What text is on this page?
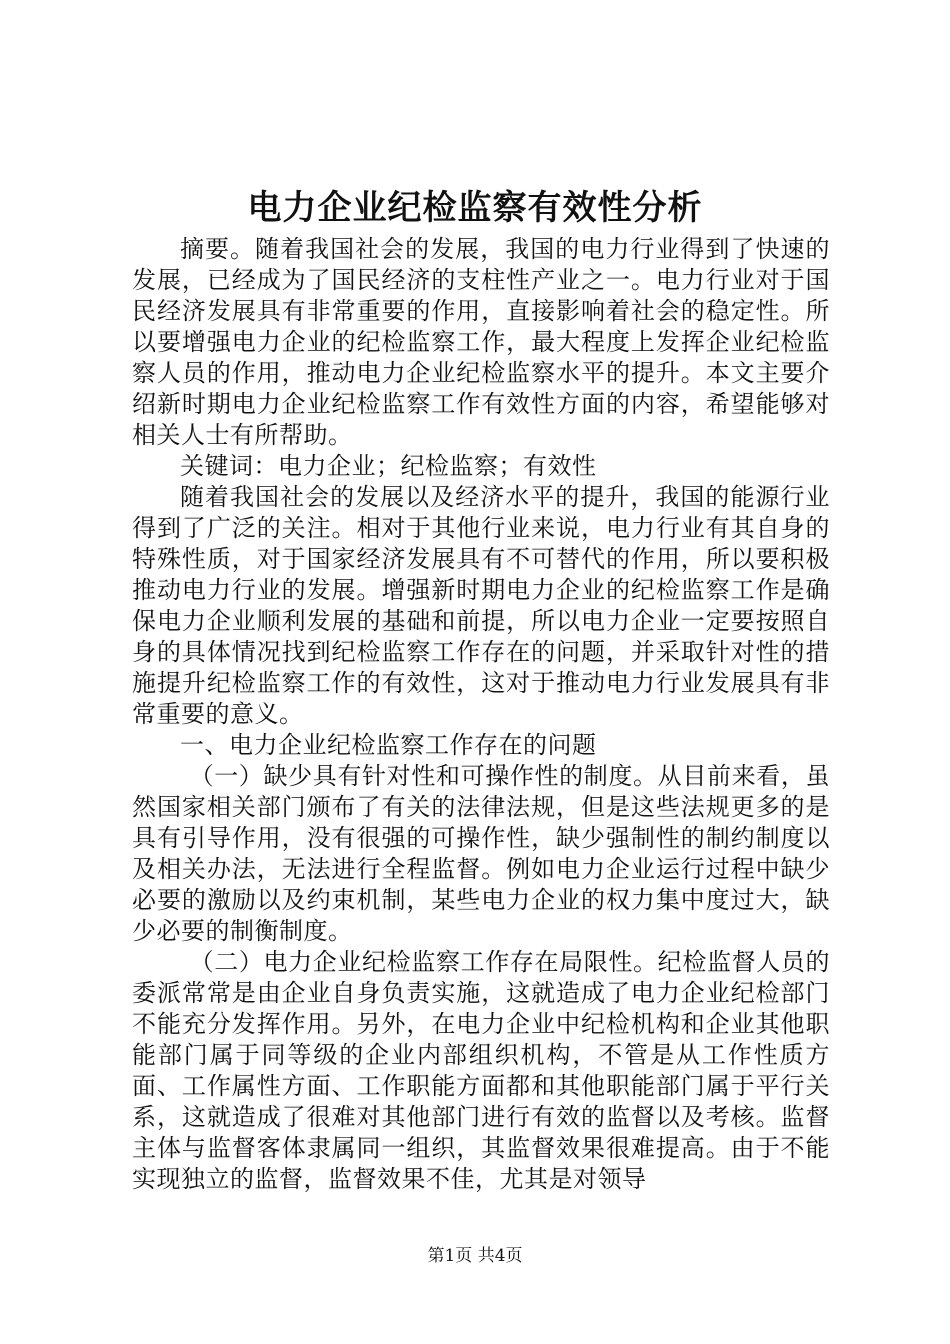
电力企业纪检监察有效性分析

摘要。随着我国社会的发展，我国的电力行业得到了快速的发展，已经成为了国民经济的支柱性产业之一。电力行业对于国民经济发展具有非常重要的作用，直接影响着社会的稳定性。所以要增强电力企业的纪检监察工作，最大程度上发挥企业纪检监察人员的作用，推动电力企业纪检监察水平的提升。本文主要介绍新时期电力企业纪检监察工作有效性方面的内容，希望能够对相关人士有所帮助。

关键词：电力企业；纪检监察；有效性

随着我国社会的发展以及经济水平的提升，我国的能源行业得到了广泛的关注。相对于其他行业来说，电力行业有其自身的特殊性质，对于国家经济发展具有不可替代的作用，所以要积极推动电力行业的发展。增强新时期电力企业的纪检监察工作是确保电力企业顺利发展的基础和前提，所以电力企业一定要按照自身的具体情况找到纪检监察工作存在的问题，并采取针对性的措施提升纪检监察工作的有效性，这对于推动电力行业发展具有非常重要的意义。

一、电力企业纪检监察工作存在的问题

（一）缺少具有针对性和可操作性的制度。从目前来看，虽然国家相关部门颁布了有关的法律法规，但是这些法规更多的是具有引导作用，没有很强的可操作性，缺少强制性的制约制度以及相关办法，无法进行全程监督。例如电力企业运行过程中缺少必要的激励以及约束机制，某些电力企业的权力集中度过大，缺少必要的制衡制度。

（二）电力企业纪检监察工作存在局限性。纪检监督人员的委派常常是由企业自身负责实施，这就造成了电力企业纪检部门不能充分发挥作用。另外，在电力企业中纪检机构和企业其他职能部门属于同等级的企业内部组织机构，不管是从工作性质方面、工作属性方面、工作职能方面都和其他职能部门属于平行关系，这就造成了很难对其他部门进行有效的监督以及考核。监督主体与监督客体隶属同一组织，其监督效果很难提高。由于不能实现独立的监督，监督效果不佳，尤其是对领导

第1页 共4页
